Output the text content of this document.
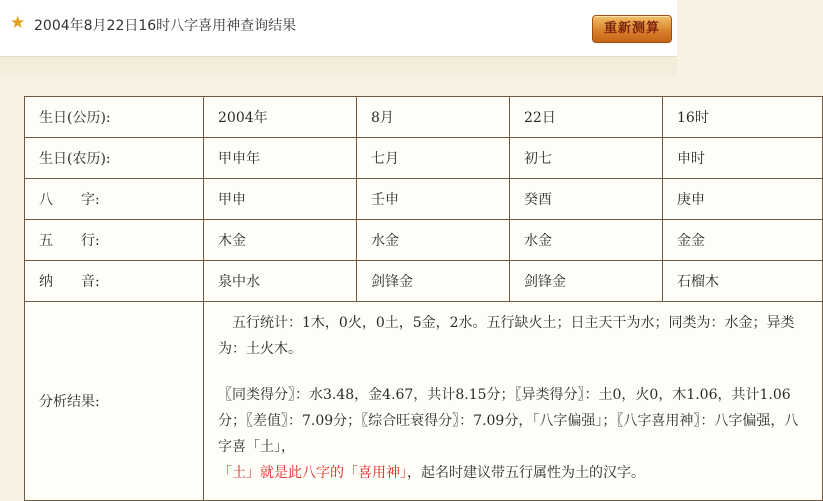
★ 2004年8月22日16时八字喜用神查询结果	重新测算
生日(公历):	2004年	8月	22日	16时
生日(农历):	甲申年	七月	初七	申时
八　　字:	甲申	壬申	癸酉	庚申
五　　行:	木金	水金	水金	金金
纳　　音:	泉中水	剑锋金	剑锋金	石榴木
分析结果:	五行统计：1木，0火，0土，5金，2水。五行缺火土；日主天干为水；同类为：水金；异类为：土火木。

〖同类得分〗：水3.48，金4.67，共计8.15分；〖异类得分〗：土0，火0，木1.06，共计1.06分；〖差值〗：7.09分；〖综合旺衰得分〗：7.09分，「八字偏强」；〖八字喜用神〗：八字偏强，八字喜「土」，
「土」就是此八字的「喜用神」，起名时建议带五行属性为土的汉字。			
